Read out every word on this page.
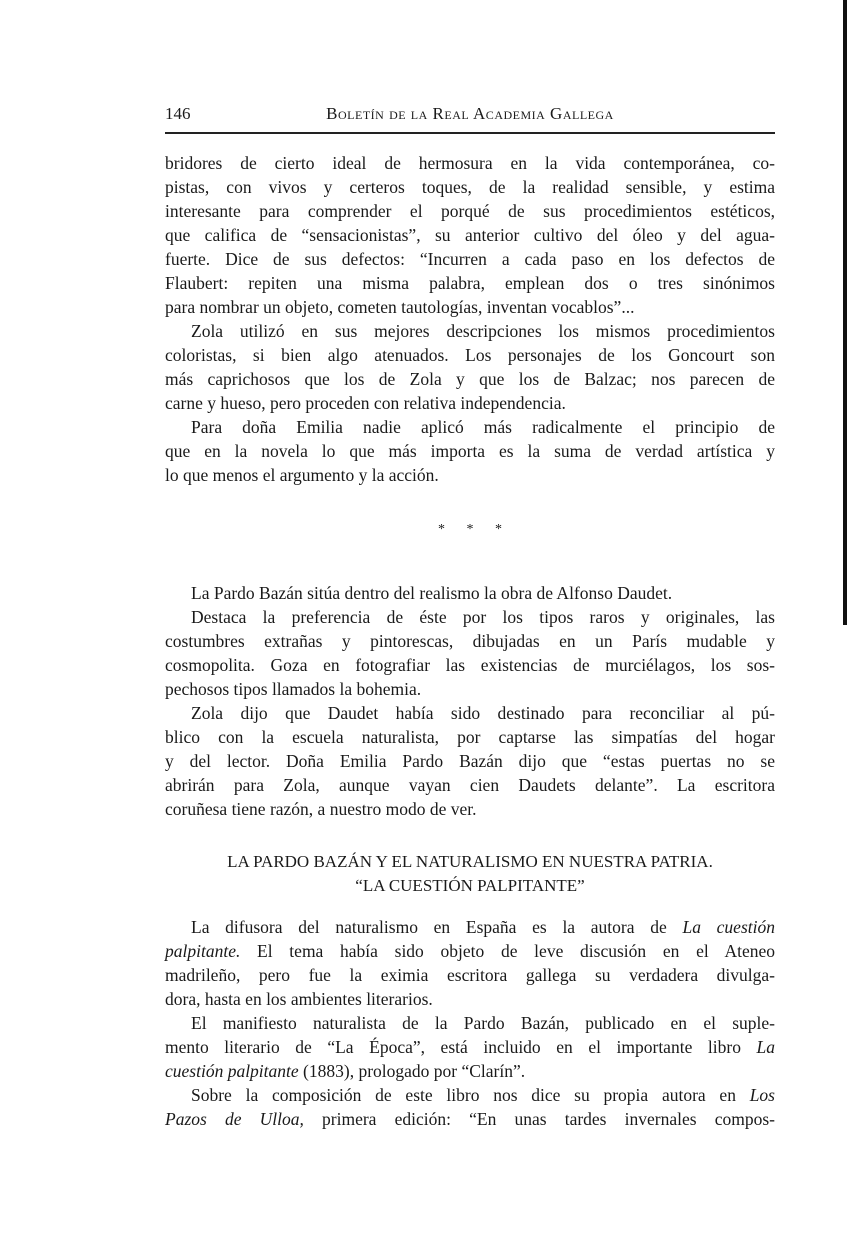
146	Boletín de la Real Academia Gallega
bridores de cierto ideal de hermosura en la vida contemporánea, co-
pistas, con vivos y certeros toques, de la realidad sensible, y estima
interesante para comprender el porqué de sus procedimientos estéticos,
que califica de “sensacionistas”, su anterior cultivo del óleo y del agua-
fuerte. Dice de sus defectos: “Incurren a cada paso en los defectos de
Flaubert: repiten una misma palabra, emplean dos o tres sinónimos
para nombrar un objeto, cometen tautologías, inventan vocablos”...
Zola utilizó en sus mejores descripciones los mismos procedimientos
coloristas, si bien algo atenuados. Los personajes de los Goncourt son
más caprichosos que los de Zola y que los de Balzac; nos parecen de
carne y hueso, pero proceden con relativa independencia.
Para doña Emilia nadie aplicó más radicalmente el principio de
que en la novela lo que más importa es la suma de verdad artística y
lo que menos el argumento y la acción.
* * *
La Pardo Bazán sitúa dentro del realismo la obra de Alfonso Daudet.
Destaca la preferencia de éste por los tipos raros y originales, las
costumbres extrañas y pintorescas, dibujadas en un París mudable y
cosmopolita. Goza en fotografiar las existencias de murciélagos, los sos-
pechosos tipos llamados la bohemia.
Zola dijo que Daudet había sido destinado para reconciliar al pú-
blico con la escuela naturalista, por captarse las simpatías del hogar
y del lector. Doña Emilia Pardo Bazán dijo que “estas puertas no se
abrirán para Zola, aunque vayan cien Daudets delante”. La escritora
coruñesa tiene razón, a nuestro modo de ver.
LA PARDO BAZÁN Y EL NATURALISMO EN NUESTRA PATRIA.
“LA CUESTIÓN PALPITANTE”
La difusora del naturalismo en España es la autora de La cuestión
palpitante. El tema había sido objeto de leve discusión en el Ateneo
madrileño, pero fue la eximia escritora gallega su verdadera divulga-
dora, hasta en los ambientes literarios.
El manifiesto naturalista de la Pardo Bazán, publicado en el suple-
mento literario de “La Época”, está incluido en el importante libro La
cuestión palpitante (1883), prologado por “Clarín”.
Sobre la composición de este libro nos dice su propia autora en Los
Pazos de Ulloa, primera edición: “En unas tardes invernales compos-
